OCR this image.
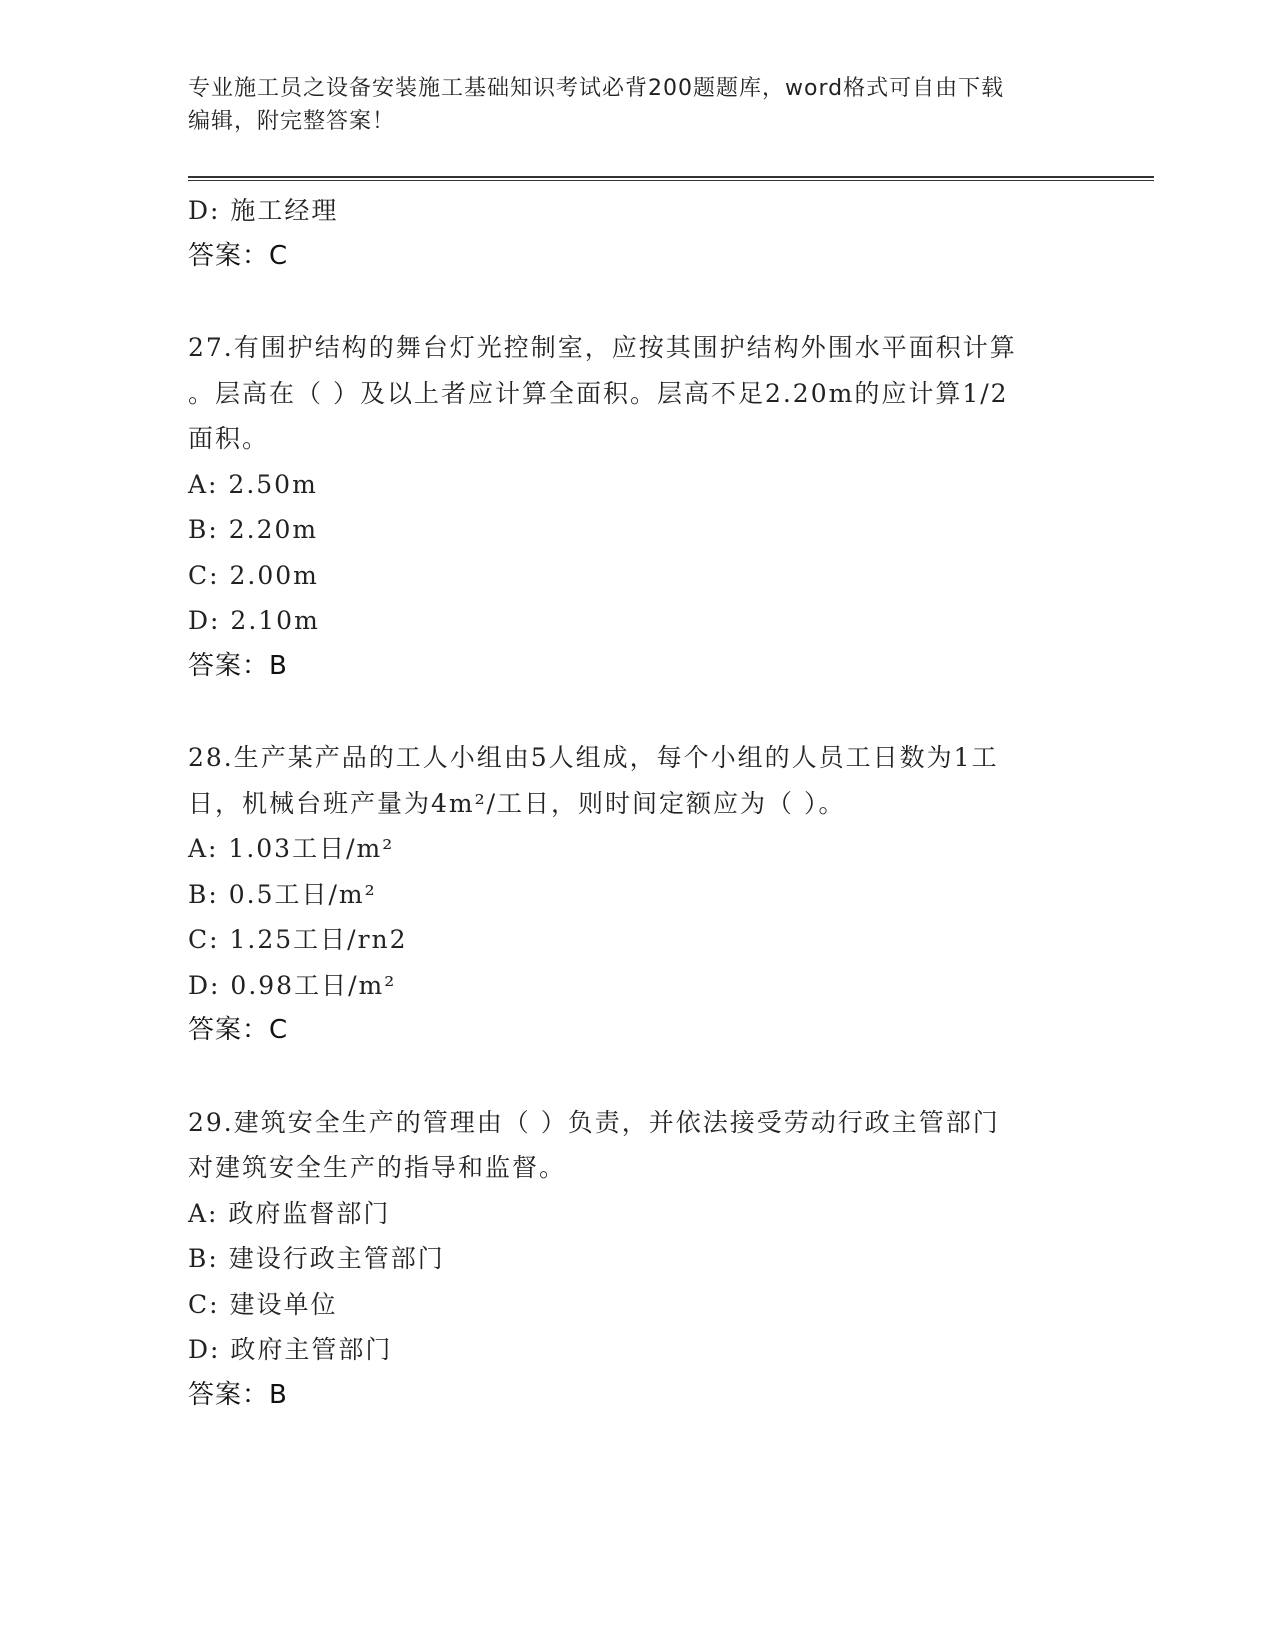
专业施工员之设备安装施工基础知识考试必背200题题库，word格式可自由下载
编辑，附完整答案！
D: 施工经理
答案：C
27.有围护结构的舞台灯光控制室，应按其围护结构外围水平面积计算
。层高在（ ）及以上者应计算全面积。层高不足2.20m的应计算1/2
面积。
A: 2.50m
B: 2.20m
C: 2.00m
D: 2.10m
答案：B
28.生产某产品的工人小组由5人组成，每个小组的人员工日数为1工
日，机械台班产量为4m²/工日，则时间定额应为（ ）。
A: 1.03工日/m²
B: 0.5工日/m²
C: 1.25工日/rn2
D: 0.98工日/m²
答案：C
29.建筑安全生产的管理由（ ）负责，并依法接受劳动行政主管部门
对建筑安全生产的指导和监督。
A: 政府监督部门
B: 建设行政主管部门
C: 建设单位
D: 政府主管部门
答案：B
